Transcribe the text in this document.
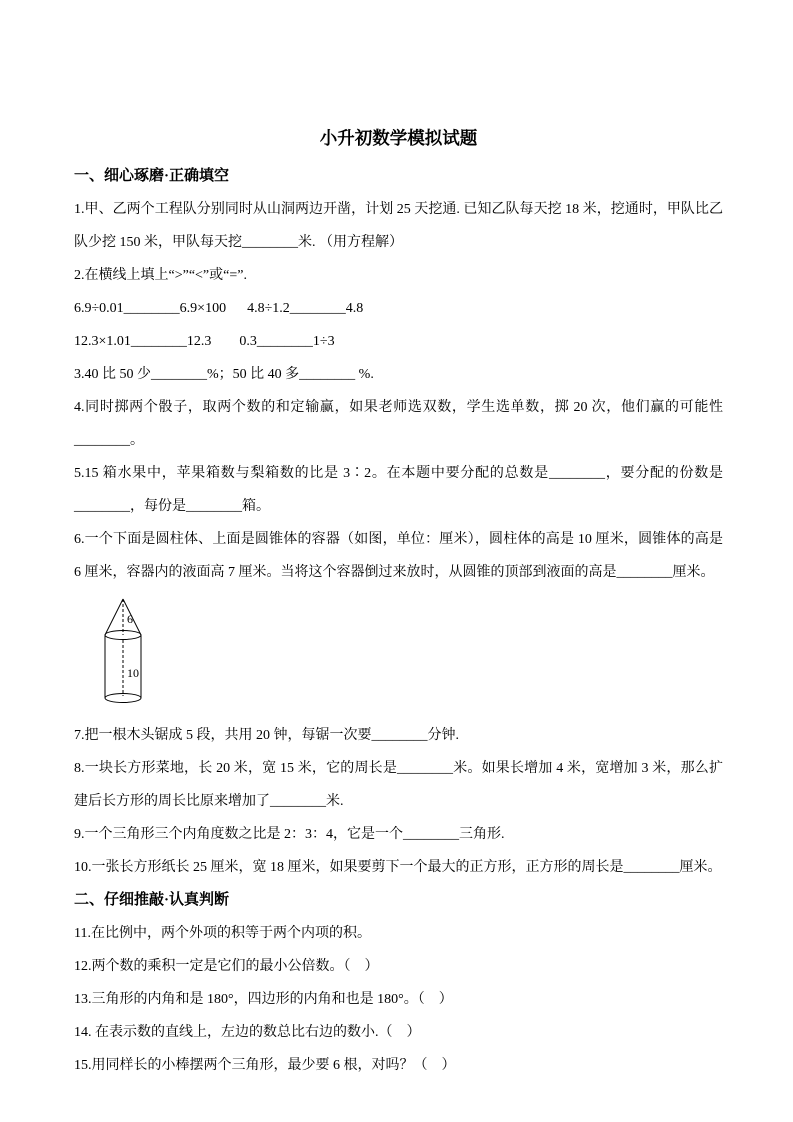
小升初数学模拟试题
一、细心琢磨·正确填空

1.甲、乙两个工程队分别同时从山洞两边开凿，计划 25 天挖通. 已知乙队每天挖 18 米，挖通时，甲队比乙队少挖 150 米，甲队每天挖________米. （用方程解）

2.在横线上填上“>”“<”或“=”.

6.9÷0.01________6.9×100      4.8÷1.2________4.8

12.3×1.01________12.3        0.3________1÷3

3.40 比 50 少________%；50 比 40 多________ %.

4.同时掷两个骰子，取两个数的和定输赢，如果老师选双数，学生选单数，掷 20 次，他们赢的可能性________。

5.15 箱水果中，苹果箱数与梨箱数的比是 3∶2。在本题中要分配的总数是________，要分配的份数是________，每份是________箱。

6.一个下面是圆柱体、上面是圆锥体的容器（如图，单位：厘米），圆柱体的高是 10 厘米，圆锥体的高是 6 厘米，容器内的液面高 7 厘米。当将这个容器倒过来放时，从圆锥的顶部到液面的高是________厘米。

6
10

7.把一根木头锯成 5 段，共用 20 钟，每锯一次要________分钟.

8.一块长方形菜地，长 20 米，宽 15 米，它的周长是________米。如果长增加 4 米，宽增加 3 米，那么扩建后长方形的周长比原来增加了________米.

9.一个三角形三个内角度数之比是 2：3：4，它是一个________三角形.

10.一张长方形纸长 25 厘米，宽 18 厘米，如果要剪下一个最大的正方形，正方形的周长是________厘米。

二、仔细推敲·认真判断

11.在比例中，两个外项的积等于两个内项的积。

12.两个数的乘积一定是它们的最小公倍数。（　）

13.三角形的内角和是 180°，四边形的内角和也是 180°。（　）

14. 在表示数的直线上，左边的数总比右边的数小.（　）

15.用同样长的小棒摆两个三角形，最少要 6 根，对吗？（　）
